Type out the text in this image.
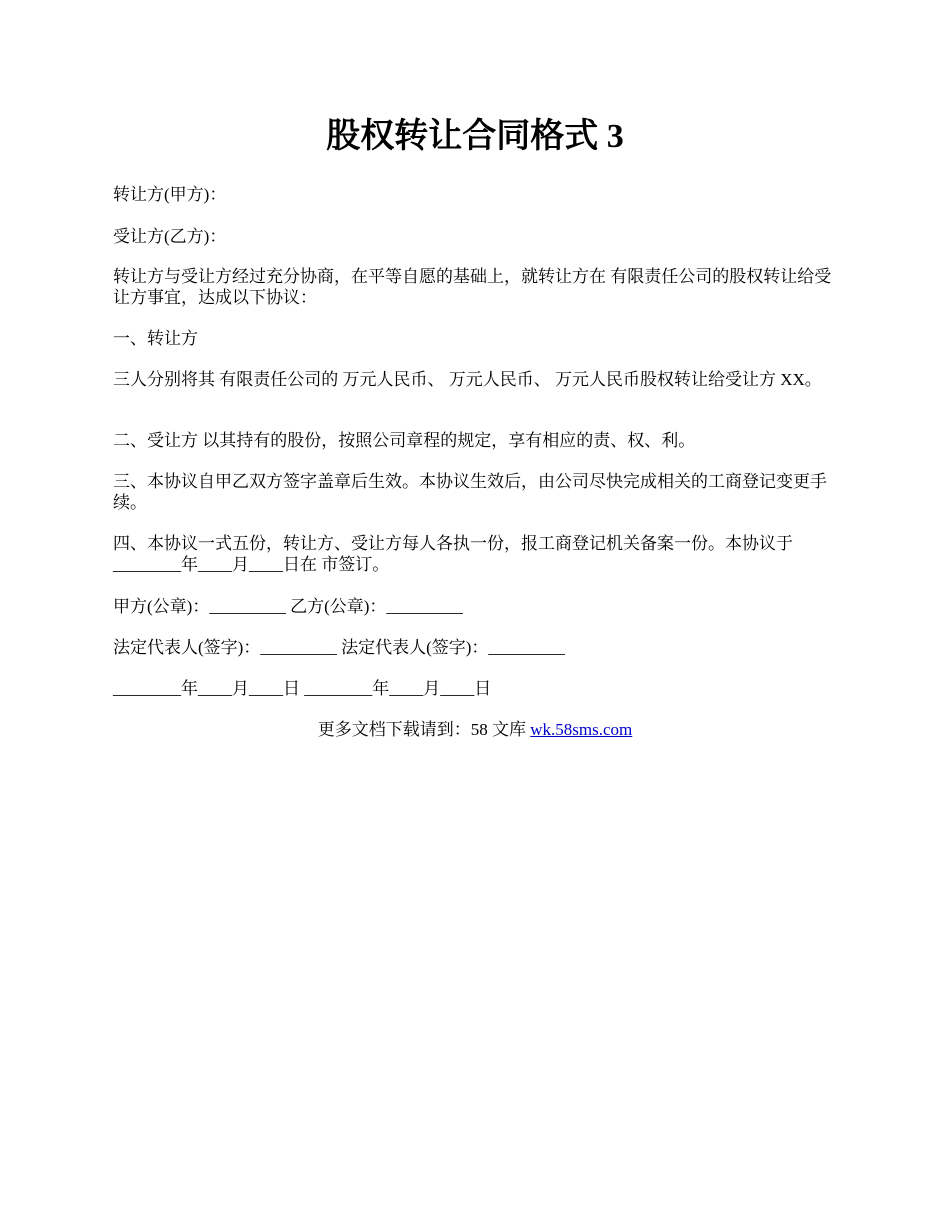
股权转让合同格式 3

转让方(甲方)：

受让方(乙方)：

转让方与受让方经过充分协商，在平等自愿的基础上，就转让方在 有限责任公司的股权转让给受让方事宜，达成以下协议：

一、转让方

三人分别将其 有限责任公司的 万元人民币、 万元人民币、 万元人民币股权转让给受让方 XX。

二、受让方 以其持有的股份，按照公司章程的规定，享有相应的责、权、利。

三、本协议自甲乙双方签字盖章后生效。本协议生效后，由公司尽快完成相关的工商登记变更手续。

四、本协议一式五份，转让方、受让方每人各执一份，报工商登记机关备案一份。本协议于________年____月____日在 市签订。

甲方(公章)：_________ 乙方(公章)：_________

法定代表人(签字)：_________ 法定代表人(签字)：_________

________年____月____日 ________年____月____日

更多文档下载请到：58 文库 wk.58sms.com
